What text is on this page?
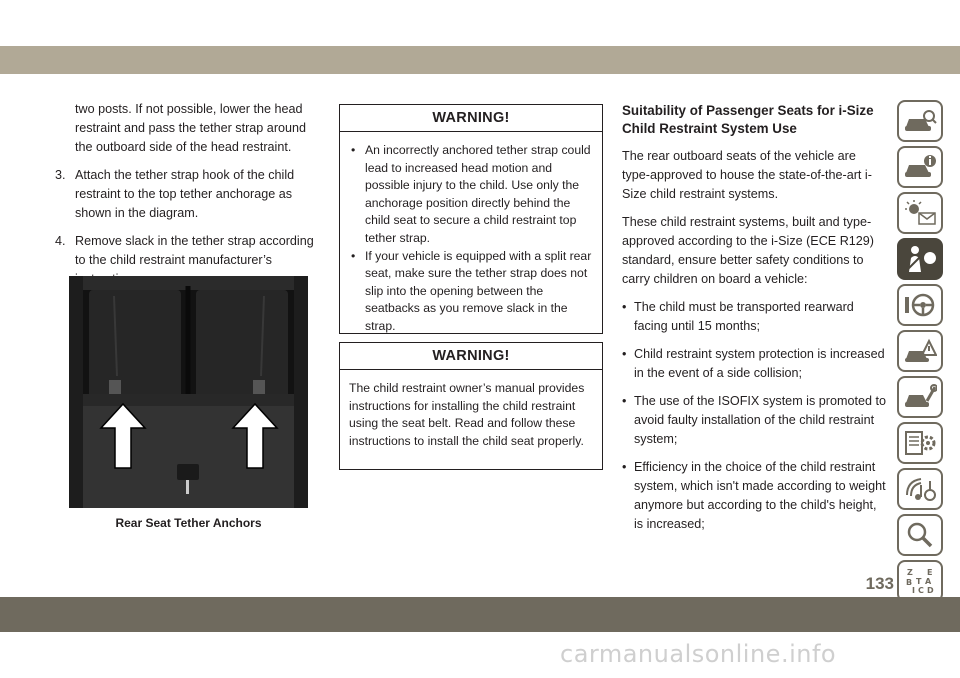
two posts. If not possible, lower the head restraint and pass the tether strap around the outboard side of the head restraint.
3. Attach the tether strap hook of the child restraint to the top tether anchorage as shown in the diagram.
4. Remove slack in the tether strap according to the child restraint manufacturer’s
Rear Seat Tether Anchors
WARNING!
• An incorrectly anchored tether strap could lead to increased head motion and possible injury to the child. Use only the anchorage position directly behind the child seat to secure a child restraint top tether strap.
• If your vehicle is equipped with a split rear seat, make sure the tether strap does not slip into the opening between the seatbacks as you remove slack in the strap.
WARNING!
The child restraint owner’s manual provides instructions for installing the child restraint using the seat belt. Read and follow these instructions to install the child seat properly.
Suitability of Passenger Seats for i-Size Child Restraint System Use

The rear outboard seats of the vehicle are type-approved to house the state-of-the-art i-Size child restraint systems.

These child restraint systems, built and type-approved according to the i-Size (ECE R129) standard, ensure better safety conditions to carry children on board a vehicle:

• The child must be transported rearward facing until 15 months;
• Child restraint system protection is increased in the event of a side collision;
• The use of the ISOFIX system is promoted to avoid faulty installation of the child restraint system;
• Efficiency in the choice of the child restraint system, which isn't made according to weight anymore but according to the child's height, is increased;
Z E
B A
I C D
T
133
carmanualsonline.info
